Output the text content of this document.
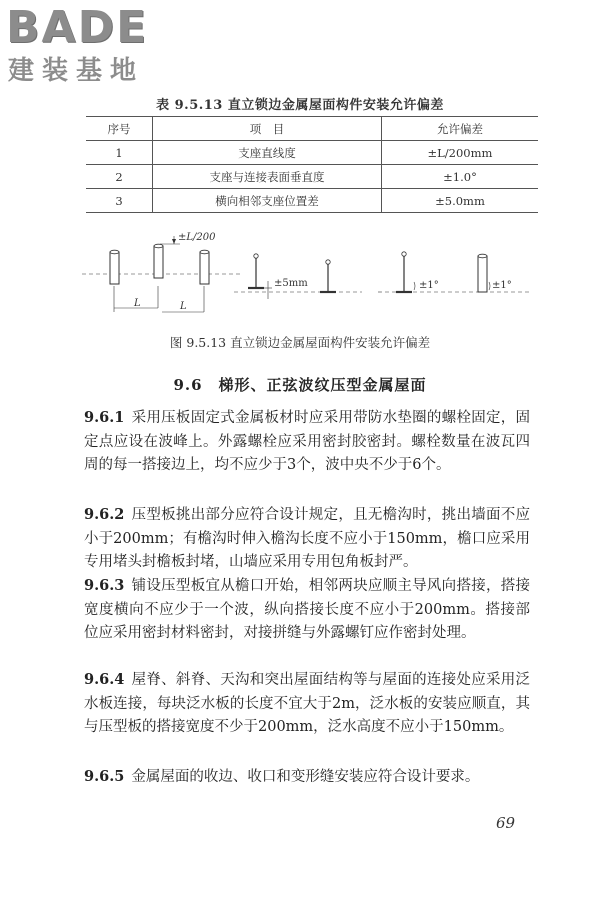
BADE
建装基地
表 9.5.13 直立锁边金属屋面构件安装允许偏差
序号	项　目	允许偏差
1	支座直线度	±L/200mm
2	支座与连接表面垂直度	±1.0°
3	横向相邻支座位置差	±5.0mm
±L/200
L	L
±5mm	±1°	±1°
图 9.5.13 直立锁边金属屋面构件安装允许偏差
9.6　梯形、正弦波纹压型金属屋面

9.6.1 采用压板固定式金属板材时应采用带防水垫圈的螺栓固定，固定点应设在波峰上。外露螺栓应采用密封胶密封。螺栓数量在波瓦四周的每一搭接边上，均不应少于3个，波中央不少于6个。

9.6.2 压型板挑出部分应符合设计规定，且无檐沟时，挑出墙面不应小于200mm；有檐沟时伸入檐沟长度不应小于150mm，檐口应采用专用堵头封檐板封堵，山墙应采用专用包角板封严。

9.6.3 铺设压型板宜从檐口开始，相邻两块应顺主导风向搭接，搭接宽度横向不应少于一个波，纵向搭接长度不应小于200mm。搭接部位应采用密封材料密封，对接拼缝与外露螺钉应作密封处理。

9.6.4 屋脊、斜脊、天沟和突出屋面结构等与屋面的连接处应采用泛水板连接，每块泛水板的长度不宜大于2m，泛水板的安装应顺直，其与压型板的搭接宽度不少于200mm，泛水高度不应小于150mm。

9.6.5 金属屋面的收边、收口和变形缝安装应符合设计要求。

69
